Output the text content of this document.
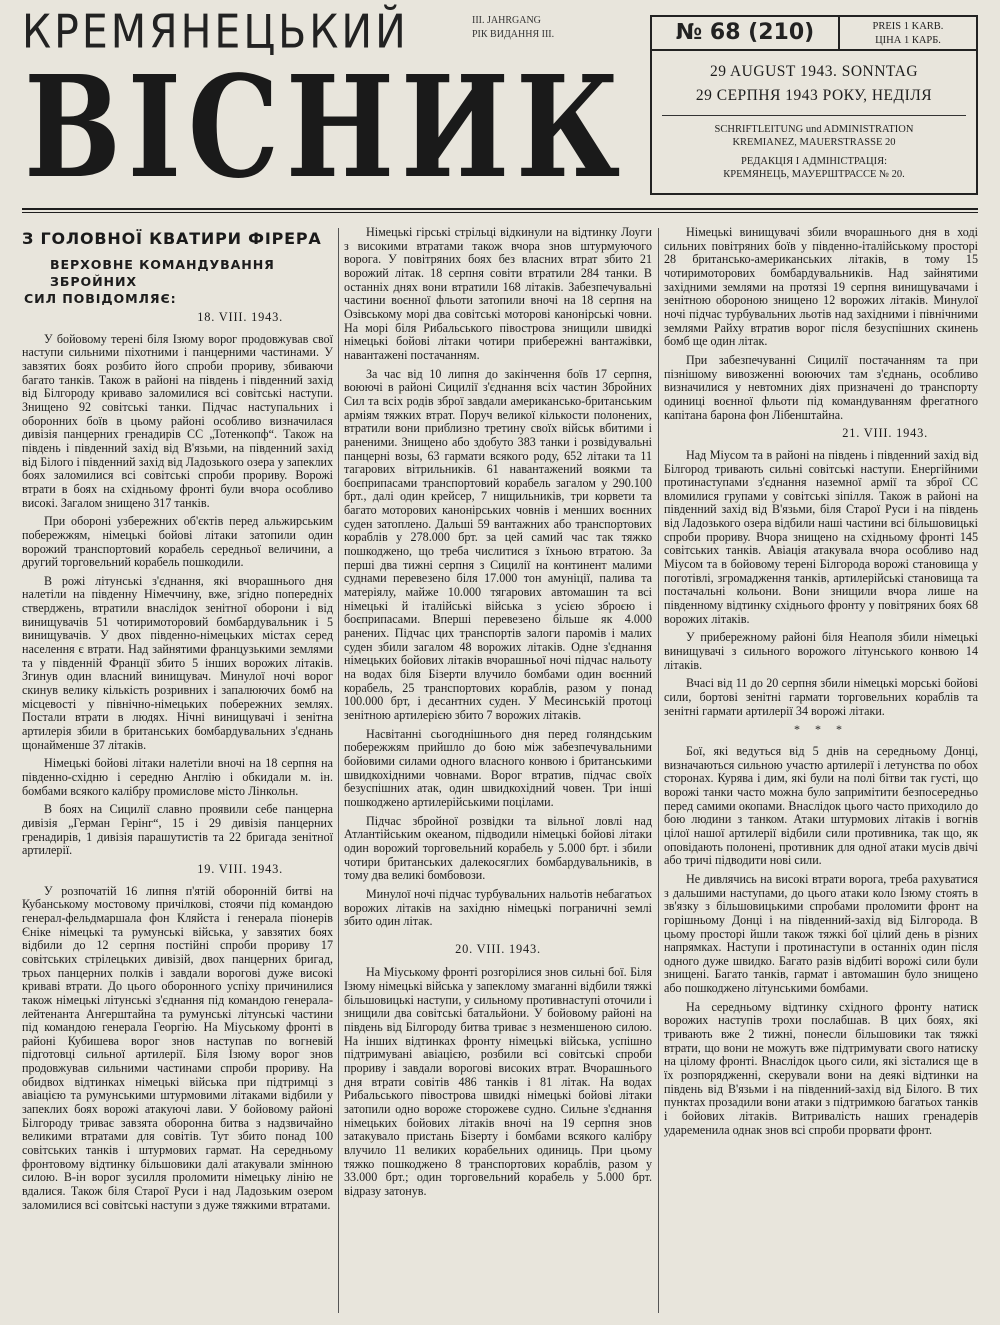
КРЕМЯНЕЦЬКИЙ
ВІСНИК
III. JAHRGANG
РІК ВИДАННЯ III.	№ 68 (210)	PREIS 1 KARB.
ЦІНА 1 КАРБ.
29 AUGUST 1943. SONNTAG
29 СЕРПНЯ 1943 РОКУ, НЕДІЛЯ
SCHRIFTLEITUNG und ADMINISTRATION
KREMIANEZ, MAUERSTRASSE 20
РЕДАКЦІЯ І АДМІНІСТРАЦІЯ:
КРЕМЯНЕЦЬ, МАУЕРШТРАССЕ № 20.
З ГОЛОВНОЇ КВАТИРИ ФІРЕРА
ВЕРХОВНЕ КОМАНДУВАННЯ ЗБРОЙНИХ
СИЛ ПОВІДОМЛЯЄ:
18. VIII. 1943.

У бойовому терені біля Ізюму ворог продовжував свої наступи сильними піхотними і панцерними частинами. У завзятих боях розбито його спроби прориву, збиваючи багато танків. Також в районі на південь і південний захід від Білгороду криваво заломилися всі совітські наступи. Знищено 92 совітські танки. Підчас наступальних і оборонних боїв в цьому районі особливо визначилася дивізія панцерних гренадирів СС „Тотенкопф“. Також на південь і південний захід від В'язьми, на південний захід від Білого і південний захід від Ладозького озера у запеклих боях заломилися всі совітські спроби прориву. Ворожі втрати в боях на східньому фронті були вчора особливо високі. Загалом знищено 317 танків.

При обороні узбережних об'єктів перед альжирським побережжям, німецькі бойові літаки затопили один ворожий транспортовий корабель середньої величини, а другий торговельний корабель пошкодили.

В рожі літунські з'єднання, які вчорашнього дня налетіли на південну Німеччину, вже, згідно попередніх стверджень, втратили внаслідок зенітної оборони і від винищувачів 51 чотиримоторовий бомбардувальник і 5 винищувачів. У двох південно-німецьких містах серед населення є втрати. Над зайнятими французькими землями та у південній Франції збито 5 інших ворожих літаків. Згинув один власний винищувач. Минулої ночі ворог скинув велику кількість розривних і запалюючих бомб на місцевості у північно-німецьких побережних землях. Постали втрати в людях. Нічні винищувачі і зенітна артилерія збили в британських бомбардувальних з'єднань щонайменше 37 літаків.

Німецькі бойові літаки налетіли вночі на 18 серпня на південно-східню і середню Англію і обкидали м. ін. бомбами всякого калібру промислове місто Лінкольн.

В боях на Сицилії славно проявили себе панцерна дивізія „Герман Герінг“, 15 і 29 дивізія панцерних гренадирів, 1 дивізія парашутистів та 22 бригада зенітної артилерії.

19. VIII. 1943.

У розпочатій 16 липня п'ятій оборонній битві на Кубанському мостовому причілкові, стоячи під командою генерал-фельдмаршала фон Кляйста і генерала піонерів Єніке німецькі та румунські війська, у завзятих боях відбили до 12 серпня постійні спроби прориву 17 совітських стрілецьких дивізій, двох панцерних бригад, трьох панцерних полків і завдали ворогові дуже високі криваві втрати. До цього оборонного успіху причинилися також німецькі літунські з'єднання під командою генерала-лейтенанта Ангерштайна та румунські літунські частини під командою генерала Георгію. На Міуському фронті в районі Кубишева ворог знов наступав по вогневій підготовці сильної артилерії. Біля Ізюму ворог знов продовжував сильними частинами спроби прориву. На обидвох відтинках німецькі війська при підтримці з авіацією та румунськими штурмовими літаками відбили у запеклих боях ворожі атакуючі лави. У бойовому районі Білгороду триває завзята оборонна битва з надзвичайно великими втратами для совітів. Тут збито понад 100 совітських танків і штурмових гармат. На середньому фронтовому відтинку більшовики далі атакували змінною силою. В-ін ворог зусилля проломити німецьку лінію не вдалися. Також біля Старої Руси і над Ладозьким озером заломилися всі совітські наступи з дуже тяжкими втратами.

Німецькі гірські стрільці відкинули на відтинку Лоуги з високими втратами також вчора знов штурмуючого ворога. У повітряних боях без власних втрат збито 21 ворожий літак. 18 серпня совіти втратили 284 танки. В останніх днях вони втратили 168 літаків. Забезпечувальні частини воєнної фльоти затопили вночі на 18 серпня на Озівському морі два совітські моторові канонірські човни. На морі біля Рибальського півострова знищили швидкі німецькі бойові літаки чотири прибережні вантажівки, навантажені постачанням.

За час від 10 липня до закінчення боїв 17 серпня, воюючі в районі Сицилії з'єднання всіх частин Збройних Сил та всіх родів зброї завдали американсько-британським арміям тяжких втрат. Поруч великої кількости полонених, втратили вони приблизно третину своїх військ вбитими і раненими. Знищено або здобуто 383 танки і розвідувальні панцерні возы, 63 гармати всякого роду, 652 літаки та 11 тагарових вітрильників. 61 навантажений воякми та боєприпасами транспортовий корабель загалом у 290.100 брт., далі один крейсер, 7 нищильників, три корвети та багато моторових канонірських човнів і менших воєнних суден затоплено. Дальші 59 вантажних або транспортових кораблів у 278.000 брт. за цей самий час так тяжко пошкоджено, що треба числитися з їхньою втратою. За перші два тижні серпня з Сицилії на континент малими суднами перевезено біля 17.000 тон амуніції, палива та матеріялу, майже 10.000 тягарових автомашин та всі німецькі й італійські війська з усією зброєю і боєприпасами. Вперші перевезено більше як 4.000 ранених. Підчас цих транспортів залоги паромів і малих суден збили загалом 48 ворожих літаків. Одне з'єднання німецьких бойових літаків вчорашньої ночі підчас нальоту на водах біля Бізерти влучило бомбами один воєнний корабель, 25 транспортових кораблів, разом у понад 100.000 брт, і десантних суден. У Месинській протоці зенітною артилерією збито 7 ворожих літаків.

Насвітанні сьогоднішнього дня перед голяндським побережжям прийшло до бою між забезпечувальними бойовими силами одного власного конвою і британськими швидкохідними човнами. Ворог втратив, підчас своїх безуспішних атак, один швидкохідний човен. Три інші пошкоджено артилерійськими поцілами.

Підчас збройної розвідки та вільної ловлі над Атлантійським океаном, підводили німецькі бойові літаки один ворожий торговельний корабель у 5.000 брт. і збили чотири британських далекосяглих бомбардувальників, в тому два великі бомбовози.

Минулої ночі підчас турбувальних нальотів небагатьох ворожих літаків на західню німецькі пограничні землі збито один літак.

20. VIII. 1943.

На Міуському фронті розгорілися знов сильні бої. Біля Ізюму німецькі війська у запеклому змаганні відбили тяжкі більшовицькі наступи, у сильному противнаступі оточили і знищили два совітські батальйони. У бойовому районі на південь від Білгороду битва триває з незменшеною силою. На інших відтинках фронту німецькі війська, успішно підтримувані авіацією, розбили всі совітські спроби прориву і завдали ворогові високих втрат. Вчорашнього дня втрати совітів 486 танків і 81 літак. На водах Рибальського півострова швидкі німецькі бойові літаки затопили одно вороже сторожеве судно. Сильне з'єднання німецьких бойових літаків вночі на 19 серпня знов затакувало пристань Бізерту і бомбами всякого калібру влучило 11 великих корабельних одиниць. При цьому тяжко пошкоджено 8 транспортових кораблів, разом у 33.000 брт.; один торговельний корабель у 5.000 брт. відразу затонув.

Німецькі винищувачі збили вчорашнього дня в ході сильних повітряних боїв у південно-італійському просторі 28 британсько-американських літаків, в тому 15 чотиримоторових бомбардувальників. Над зайнятими західними землями на протязі 19 серпня винищувачами і зенітною обороною знищено 12 ворожих літаків. Минулої ночі підчас турбувальних льотів над західними і північними землями Райху втратив ворог після безуспішних скинень бомб ще один літак.

При забезпечуванні Сицилії постачанням та при пізнішому вивозженні воюючих там з'єднань, особливо визначилися у невтомних діях призначені до транспорту одиниці воєнної фльоти під командуванням фрегатного капітана барона фон Лібенштайна.

21. VIII. 1943.

Над Міусом та в районі на південь і південний захід від Білгород тривають сильні совітські наступи. Енергійними протинаступами з'єднання наземної армії та зброї СС вломилися групами у совітські зіпілля. Також в районі на південний захід від В'язьми, біля Старої Руси і на південь від Ладозького озера відбили наші частини всі більшовицькі спроби прориву. Вчора знищено на східньому фронті 145 совітських танків. Авіація атакувала вчора особливо над Міусом та в бойовому терені Білгорода ворожі становища у поготівлі, згромадження танків, артилерійські становища та постачальні кольони. Вони знищили вчора лише на південному відтинку східнього фронту у повітряних боях 68 ворожих літаків.

У прибережному районі біля Неаполя збили німецькі винищувачі з сильного ворожого літунського конвою 14 літаків.

Вчасі від 11 до 20 серпня збили німецькі морські бойові сили, бортові зенітні гармати торговельних кораблів та зенітні гармати артилерії 34 ворожі літаки.

* * *

Бої, які ведуться від 5 днів на середньому Донці, визначаються сильною участю артилерії і летунства по обох сторонах. Курява і дим, які були на полі бітви так густі, що ворожі танки часто можна було запримітити безпосередньо перед самими окопами. Внаслідок цього часто приходило до бою людини з танком. Атаки штурмових літаків і вогнів цілої нашої артилерії відбили сили противника, так що, як оповідають полонені, противник для одної атаки мусів двічі або тричі підводити нові сили.

Не дивлячись на високі втрати ворога, треба рахуватися з дальшими наступами, до цього атаки коло Ізюму стоять в зв'язку з більшовицькими спробами проломити фронт на горішньому Донці і на південний-захід від Білгорода. В цьому просторі йшли також тяжкі бої цілий день в різних напрямках. Наступи і протинаступи в останніх один після одного дуже швидко. Багато разів відбиті ворожі сили були знищені. Багато танків, гармат і автомашин було знищено або пошкоджено літунськими бомбами.

На середньому відтинку східного фронту натиск ворожих наступів трохи послабшав. В цих боях, які тривають вже 2 тижні, понесли більшовики так тяжкі втрати, що вони не можуть вже підтримувати свого натиску на цілому фронті. Внаслідок цього сили, які зісталися ще в їх розпорядженні, скерували вони на деякі відтинки на південь від В'язьми і на південний-захід від Білого. В тих пунктах прозадили вони атаки з підтримкою багатьох танків і бойових літаків. Витривалість наших гренадерів удаременила однак знов всі спроби прорвати фронт.
